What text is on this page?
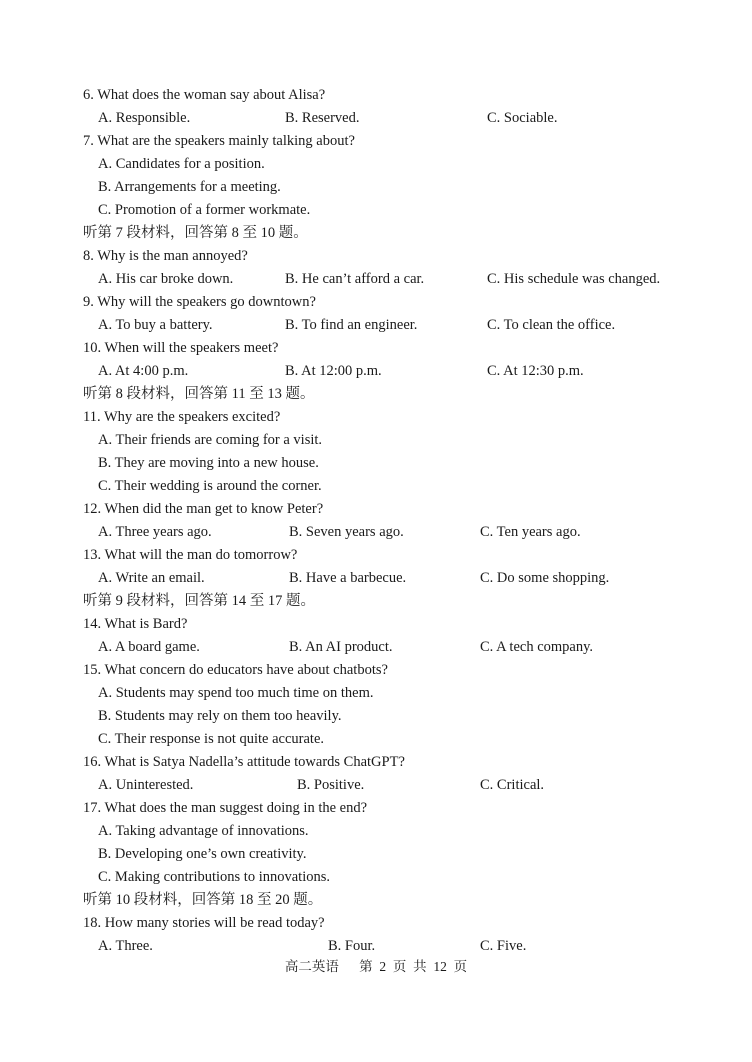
6. What does the woman say about Alisa?
A. Responsible.	B. Reserved.	C. Sociable.
7. What are the speakers mainly talking about?
A. Candidates for a position.
B. Arrangements for a meeting.
C. Promotion of a former workmate.
听第 7 段材料，回答第 8 至 10 题。
8. Why is the man annoyed?
A. His car broke down.	B. He can’t afford a car.	C. His schedule was changed.
9. Why will the speakers go downtown?
A. To buy a battery.	B. To find an engineer.	C. To clean the office.
10. When will the speakers meet?
A. At 4:00 p.m.	B. At 12:00 p.m.	C. At 12:30 p.m.
听第 8 段材料，回答第 11 至 13 题。
11. Why are the speakers excited?
A. Their friends are coming for a visit.
B. They are moving into a new house.
C. Their wedding is around the corner.
12. When did the man get to know Peter?
A. Three years ago.	B. Seven years ago.	C. Ten years ago.
13. What will the man do tomorrow?
A. Write an email.	B. Have a barbecue.	C. Do some shopping.
听第 9 段材料，回答第 14 至 17 题。
14. What is Bard?
A. A board game.	B. An AI product.	C. A tech company.
15. What concern do educators have about chatbots?
A. Students may spend too much time on them.
B. Students may rely on them too heavily.
C. Their response is not quite accurate.
16. What is Satya Nadella’s attitude towards ChatGPT?
A. Uninterested.	B. Positive.	C. Critical.
17. What does the man suggest doing in the end?
A. Taking advantage of innovations.
B. Developing one’s own creativity.
C. Making contributions to innovations.
听第 10 段材料，回答第 18 至 20 题。
18. How many stories will be read today?
A. Three.	B. Four.	C. Five.
高二英语      第  2  页  共  12  页
